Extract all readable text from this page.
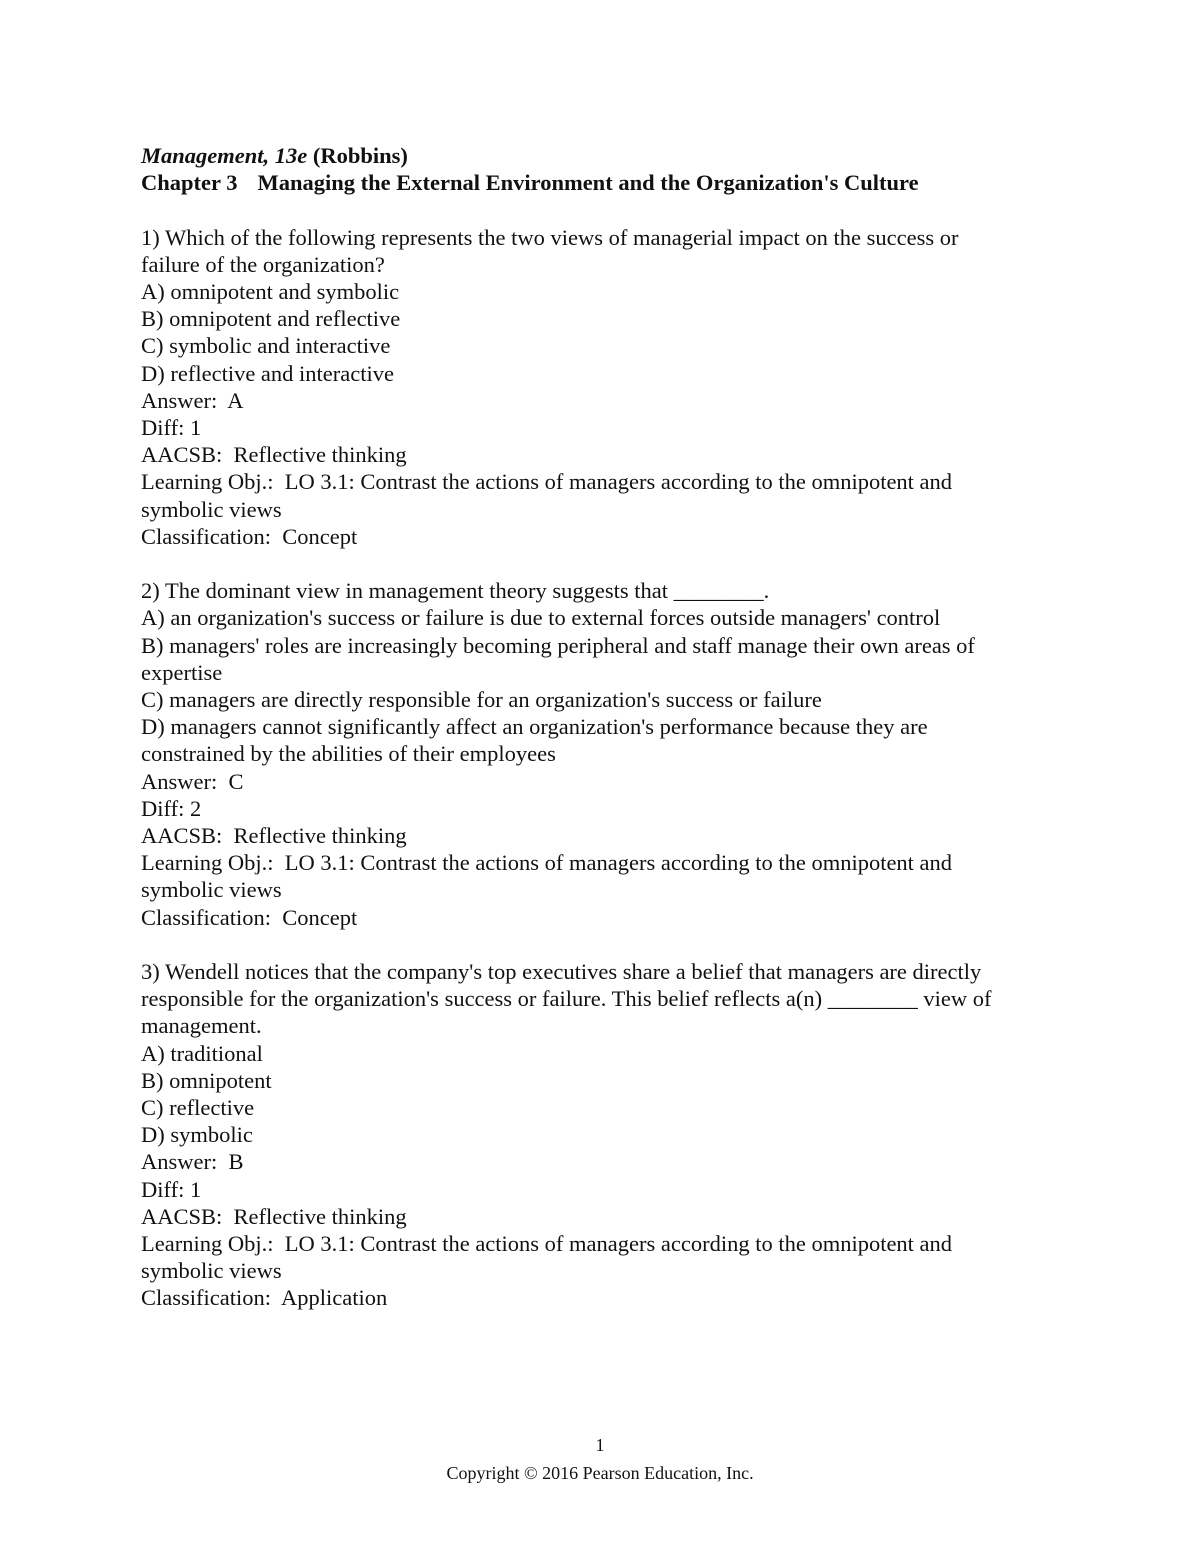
Management, 13e (Robbins)
Chapter 3 Managing the External Environment and the Organization's Culture
1) Which of the following represents the two views of managerial impact on the success or
failure of the organization?
A) omnipotent and symbolic
B) omnipotent and reflective
C) symbolic and interactive
D) reflective and interactive
Answer:  A
Diff: 1
AACSB:  Reflective thinking
Learning Obj.:  LO 3.1: Contrast the actions of managers according to the omnipotent and
symbolic views
Classification:  Concept
2) The dominant view in management theory suggests that ________.
A) an organization's success or failure is due to external forces outside managers' control
B) managers' roles are increasingly becoming peripheral and staff manage their own areas of
expertise
C) managers are directly responsible for an organization's success or failure
D) managers cannot significantly affect an organization's performance because they are
constrained by the abilities of their employees
Answer:  C
Diff: 2
AACSB:  Reflective thinking
Learning Obj.:  LO 3.1: Contrast the actions of managers according to the omnipotent and
symbolic views
Classification:  Concept
3) Wendell notices that the company's top executives share a belief that managers are directly
responsible for the organization's success or failure. This belief reflects a(n) ________ view of
management.
A) traditional
B) omnipotent
C) reflective
D) symbolic
Answer:  B
Diff: 1
AACSB:  Reflective thinking
Learning Obj.:  LO 3.1: Contrast the actions of managers according to the omnipotent and
symbolic views
Classification:  Application
1
Copyright © 2016 Pearson Education, Inc.
